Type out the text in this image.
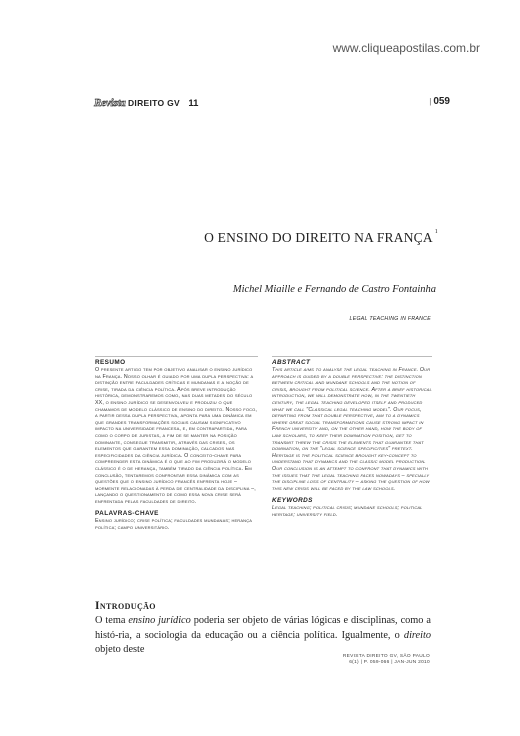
www.cliqueapostilas.com.br
Revista DIREITO GV 11	| 059
O ENSINO DO DIREITO NA FRANÇA $^1$
Michel Miaille e Fernando de Castro Fontainha
LEGAL TEACHING IN FRANCE
RESUMO

O presente artigo tem por objetivo analisar o ensino jurídico na França. Nosso olhar é guiado por uma dupla perspectiva: a distinção entre faculdades críticas e mundanas e a noção de crise, tirada da ciência política. Após breve introdução histórica, demonstraremos como, nas duas metades do século XX, o ensino jurídico se desenvolveu e produziu o que chamamos de modelo clássico de ensino do direito. Nosso foco, a partir dessa dupla perspectiva, aponta para uma dinâmica em que grandes transformações sociais causam significativo impacto na universidade francesa, e, em contrapartida, para como o corpo de juristas, a fim de se manter na posição dominante, consegue transmitir, através das crises, os elementos que garantem essa dominação, calcados nas especificidades da ciência jurídica. O conceito-chave para compreender esta dinâmica é o que ao fim produzirá o modelo clássico é o de herança, também tirado da ciência política. Em conclusão, tentaremos confrontar essa dinâmica com as questões que o ensino jurídico francês enfrenta hoje – mormente relacionadas à perda de centralidade da disciplina –, lançando o questionamento de como essa nova crise será enfrentada pelas faculdades de direito.

PALAVRAS-CHAVE

Ensino jurídico; crise política; faculdades mundanas; herança política; campo universitário.

ABSTRACT

This article aims to analyse the legal teaching in France. Our approach is guided by a double perspective: the distinction between critical and mundane schools and the notion of crisis, brought from political science. After a brief historical introduction, we will demonstrate how, in the twentieth century, the legal teaching developed itself and produced what we call "Classical legal teaching model". Our focus, departing from that double perspective, aim to a dynamics where great social transformations cause strong impact in French university and, on the other hand, how the body of law scholars, to keep their domination position, get to transmit threw the crisis the elements that guarantee that domination, on the "legal science specificities" pretext. Heritage is the political science brought key-concept to understand that dynamics and the classic model production. Our conclusion is an attempt to confront that dynamics with the issues that the legal teaching faces nowadays – specially the discipline loss of centrality – asking the question of how this new crisis will be faced by the law schools.

KEYWORDS

Legal teaching; political crisis; mundane schools; political heritage; university field.

Introdução
O tema ensino jurídico poderia ser objeto de várias lógicas e disciplinas, como a histó-ria, a sociologia da educação ou a ciência política. Igualmente, o direito objeto deste
REVISTA DIREITO GV, SÃO PAULO
6(1) | P. 059-066 | JAN-JUN 2010
